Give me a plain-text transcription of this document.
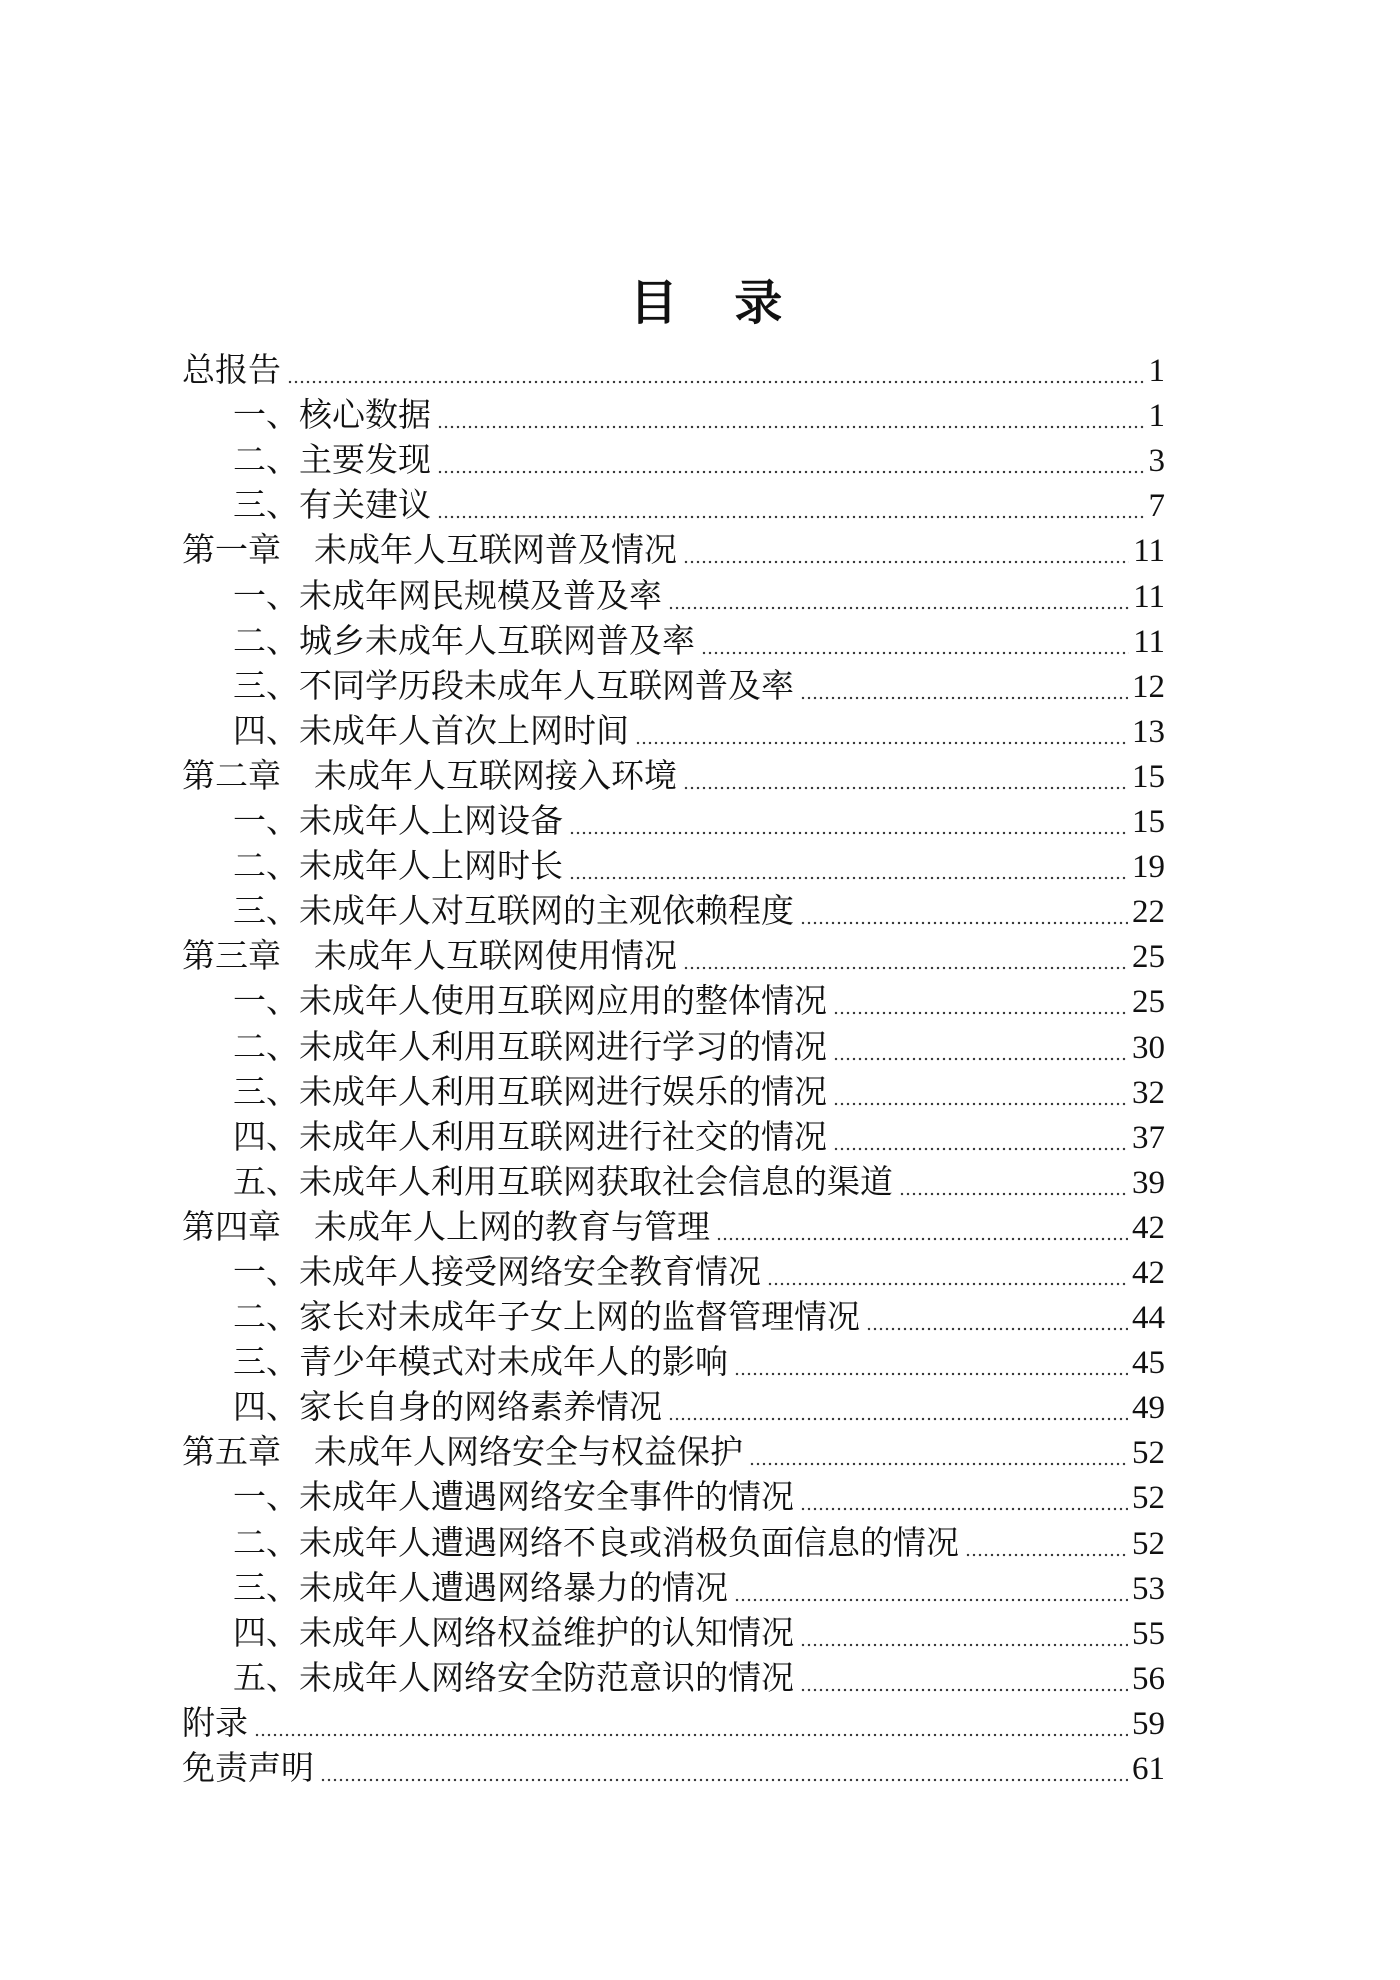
目 录
总报告	1
一、核心数据	1
二、主要发现	3
三、有关建议	7
第一章　未成年人互联网普及情况	11
一、未成年网民规模及普及率	11
二、城乡未成年人互联网普及率	11
三、不同学历段未成年人互联网普及率	12
四、未成年人首次上网时间	13
第二章　未成年人互联网接入环境	15
一、未成年人上网设备	15
二、未成年人上网时长	19
三、未成年人对互联网的主观依赖程度	22
第三章　未成年人互联网使用情况	25
一、未成年人使用互联网应用的整体情况	25
二、未成年人利用互联网进行学习的情况	30
三、未成年人利用互联网进行娱乐的情况	32
四、未成年人利用互联网进行社交的情况	37
五、未成年人利用互联网获取社会信息的渠道	39
第四章　未成年人上网的教育与管理	42
一、未成年人接受网络安全教育情况	42
二、家长对未成年子女上网的监督管理情况	44
三、青少年模式对未成年人的影响	45
四、家长自身的网络素养情况	49
第五章　未成年人网络安全与权益保护	52
一、未成年人遭遇网络安全事件的情况	52
二、未成年人遭遇网络不良或消极负面信息的情况	52
三、未成年人遭遇网络暴力的情况	53
四、未成年人网络权益维护的认知情况	55
五、未成年人网络安全防范意识的情况	56
附录	59
免责声明	61
